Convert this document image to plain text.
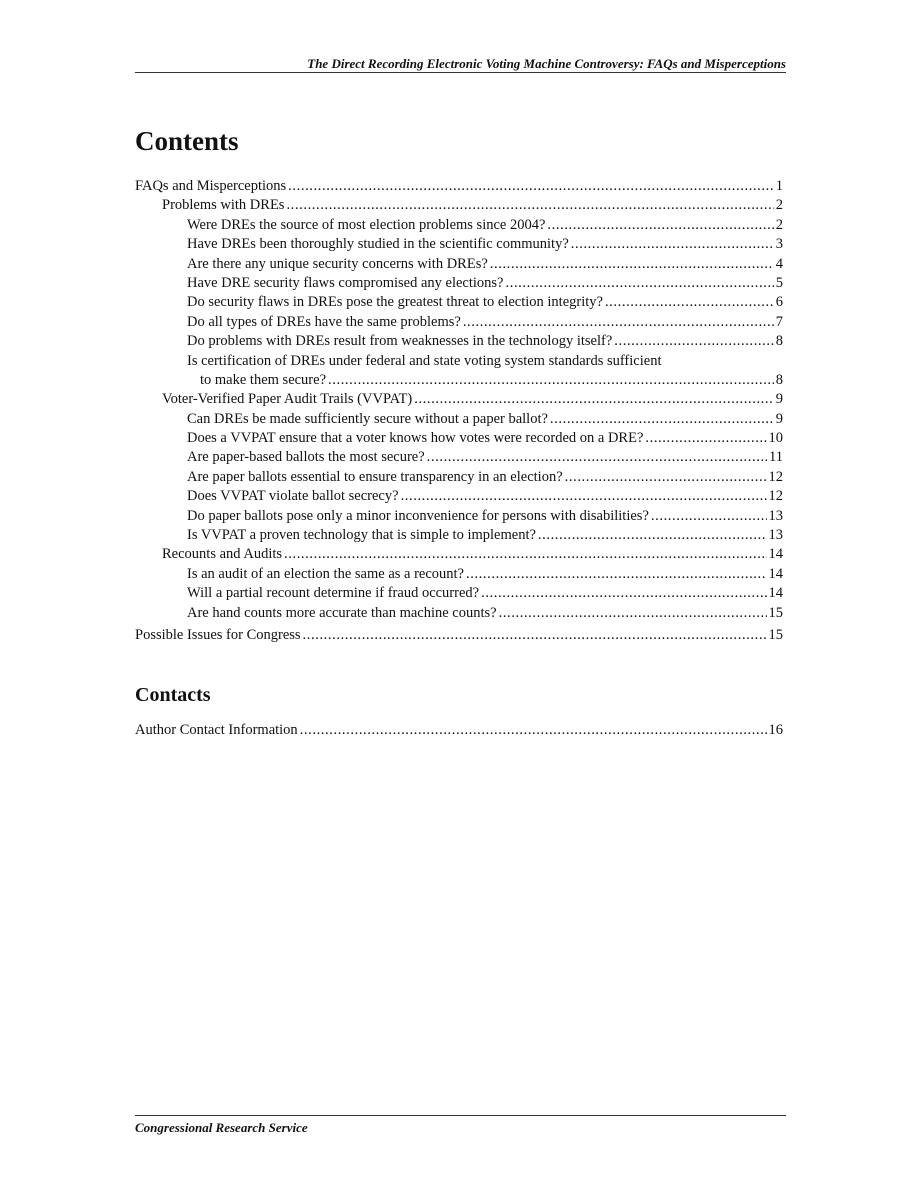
The Direct Recording Electronic Voting Machine Controversy: FAQs and Misperceptions
Contents
FAQs and Misperceptions .....	1
Problems with DREs .....	2
Were DREs the source of most election problems since 2004? .....	2
Have DREs been thoroughly studied in the scientific community? .....	3
Are there any unique security concerns with DREs? .....	4
Have DRE security flaws compromised any elections? .....	5
Do security flaws in DREs pose the greatest threat to election integrity? .....	6
Do all types of DREs have the same problems? .....	7
Do problems with DREs result from weaknesses in the technology itself? .....	8
Is certification of DREs under federal and state voting system standards sufficient
to make them secure? .....	8
Voter-Verified Paper Audit Trails (VVPAT) .....	9
Can DREs be made sufficiently secure without a paper ballot? .....	9
Does a VVPAT ensure that a voter knows how votes were recorded on a DRE? .....	10
Are paper-based ballots the most secure? .....	11
Are paper ballots essential to ensure transparency in an election? .....	12
Does VVPAT violate ballot secrecy? .....	12
Do paper ballots pose only a minor inconvenience for persons with disabilities? .....	13
Is VVPAT a proven technology that is simple to implement? .....	13
Recounts and Audits .....	14
Is an audit of an election the same as a recount? .....	14
Will a partial recount determine if fraud occurred? .....	14
Are hand counts more accurate than machine counts? .....	15
Possible Issues for Congress .....	15
Contacts
Author Contact Information .....	16
Congressional Research Service
